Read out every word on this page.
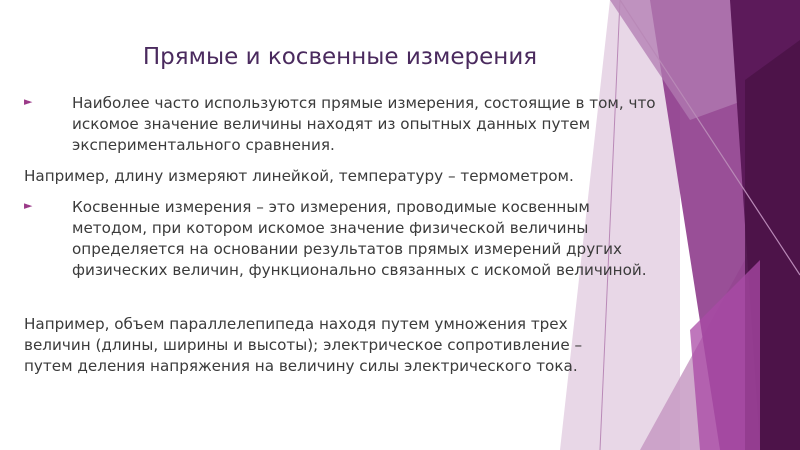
Прямые и косвенные измерения
►	Наиболее часто используются прямые измерения, состоящие в том, что искомое значение величины находят из опытных данных путем экспериментального сравнения.
Например, длину измеряют линейкой, температуру – термометром.
►	Косвенные измерения – это измерения, проводимые косвенным методом, при котором искомое значение физической величины определяется на основании результатов прямых измерений других физических величин, функционально связанных с искомой величиной.
Например, объем параллелепипеда находя путем умножения трех величин (длины, ширины и высоты); электрическое сопротивление – путем деления напряжения на величину силы электрического тока.
